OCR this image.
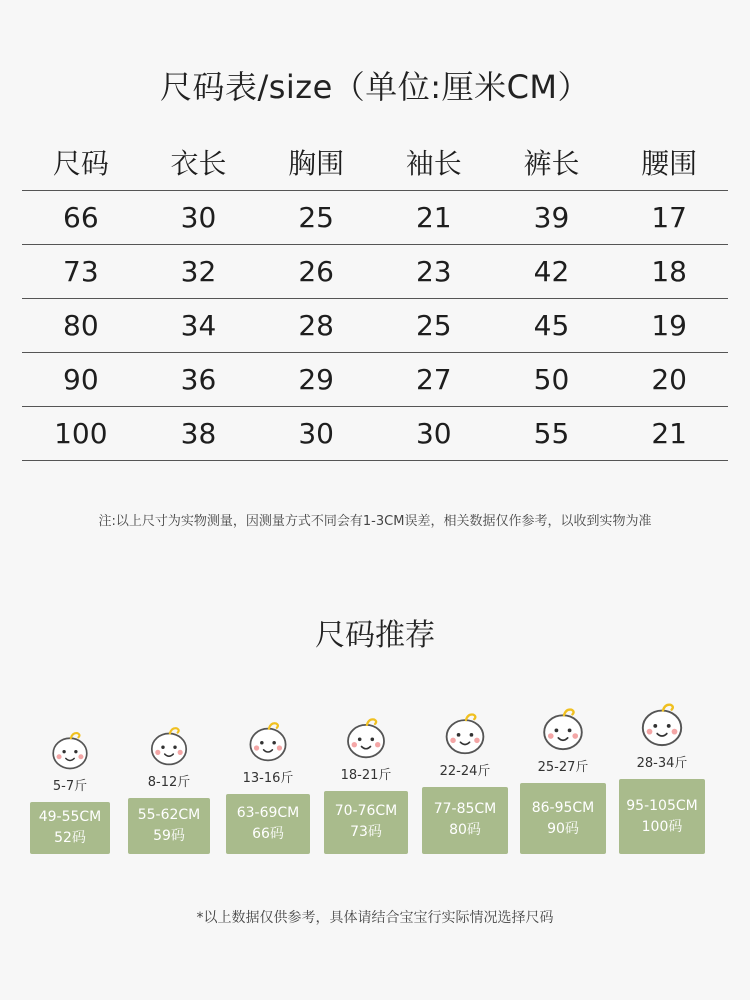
尺码表/size（单位:厘米CM）
尺码	衣长	胸围	袖长	裤长	腰围
66	30	25	21	39	17
73	32	26	23	42	18
80	34	28	25	45	19
90	36	29	27	50	20
100	38	30	30	55	21
注:以上尺寸为实物测量，因测量方式不同会有1-3CM误差，相关数据仅作参考，以收到实物为准
尺码推荐
5-7斤
49-55CM
52码
8-12斤
55-62CM
59码
13-16斤
63-69CM
66码
18-21斤
70-76CM
73码
22-24斤
77-85CM
80码
25-27斤
86-95CM
90码
28-34斤
95-105CM
100码
*以上数据仅供参考，具体请结合宝宝行实际情况选择尺码
